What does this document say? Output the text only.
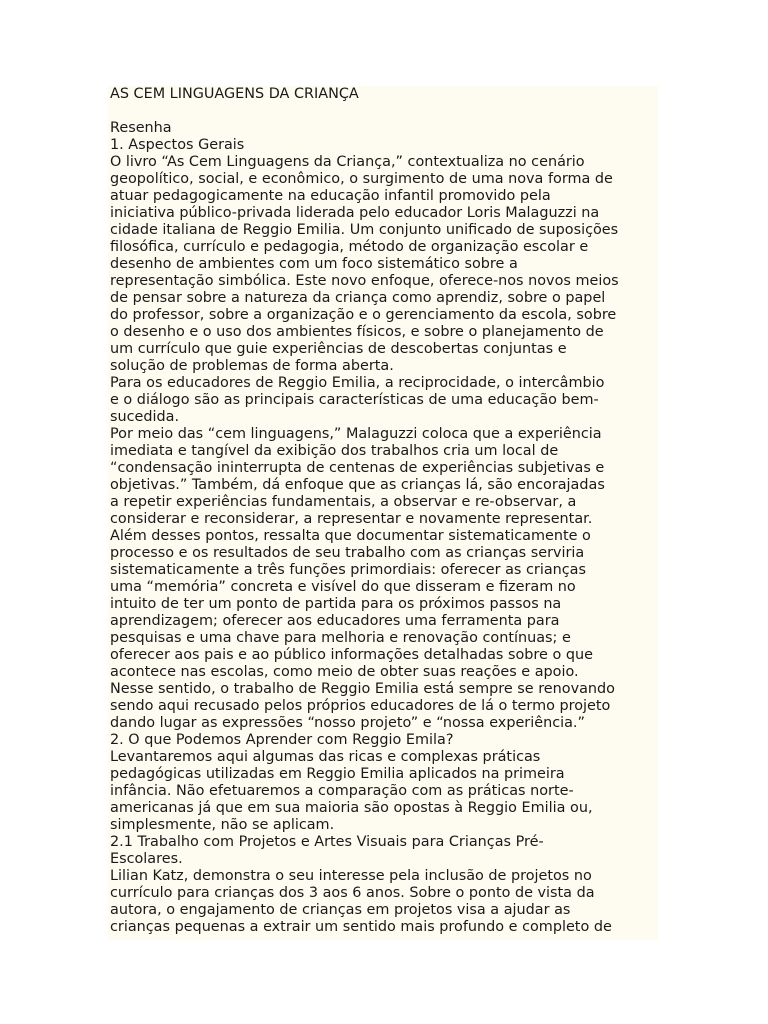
AS CEM LINGUAGENS DA CRIANÇA

Resenha

1. Aspectos Gerais

O livro “As Cem Linguagens da Criança,” contextualiza no cenário

geopolítico, social, e econômico, o surgimento de uma nova forma de

atuar pedagogicamente na educação infantil promovido pela

iniciativa público-privada liderada pelo educador Loris Malaguzzi na

cidade italiana de Reggio Emilia. Um conjunto unificado de suposições

filosófica, currículo e pedagogia, método de organização escolar e

desenho de ambientes com um foco sistemático sobre a

representação simbólica. Este novo enfoque, oferece-nos novos meios

de pensar sobre a natureza da criança como aprendiz, sobre o papel

do professor, sobre a organização e o gerenciamento da escola, sobre

o desenho e o uso dos ambientes físicos, e sobre o planejamento de

um currículo que guie experiências de descobertas conjuntas e

solução de problemas de forma aberta.

Para os educadores de Reggio Emilia, a reciprocidade, o intercâmbio

e o diálogo são as principais características de uma educação bem-

sucedida.

Por meio das “cem linguagens,” Malaguzzi coloca que a experiência

imediata e tangível da exibição dos trabalhos cria um local de

“condensação ininterrupta de centenas de experiências subjetivas e

objetivas.” Também, dá enfoque que as crianças lá, são encorajadas

a repetir experiências fundamentais, a observar e re-observar, a

considerar e reconsiderar, a representar e novamente representar.

Além desses pontos, ressalta que documentar sistematicamente o

processo e os resultados de seu trabalho com as crianças serviria

sistematicamente a três funções primordiais: oferecer as crianças

uma “memória” concreta e visível do que disseram e fizeram no

intuito de ter um ponto de partida para os próximos passos na

aprendizagem; oferecer aos educadores uma ferramenta para

pesquisas e uma chave para melhoria e renovação contínuas; e

oferecer aos pais e ao público informações detalhadas sobre o que

acontece nas escolas, como meio de obter suas reações e apoio.

Nesse sentido, o trabalho de Reggio Emilia está sempre se renovando

sendo aqui recusado pelos próprios educadores de lá o termo projeto

dando lugar as expressões “nosso projeto” e “nossa experiência.”

2. O que Podemos Aprender com Reggio Emila?

Levantaremos aqui algumas das ricas e complexas práticas

pedagógicas utilizadas em Reggio Emilia aplicados na primeira

infância. Não efetuaremos a comparação com as práticas norte-

americanas já que em sua maioria são opostas à Reggio Emilia ou,

simplesmente, não se aplicam.

2.1 Trabalho com Projetos e Artes Visuais para Crianças Pré-

Escolares.

Lilian Katz, demonstra o seu interesse pela inclusão de projetos no

currículo para crianças dos 3 aos 6 anos. Sobre o ponto de vista da

autora, o engajamento de crianças em projetos visa a ajudar as

crianças pequenas a extrair um sentido mais profundo e completo de
